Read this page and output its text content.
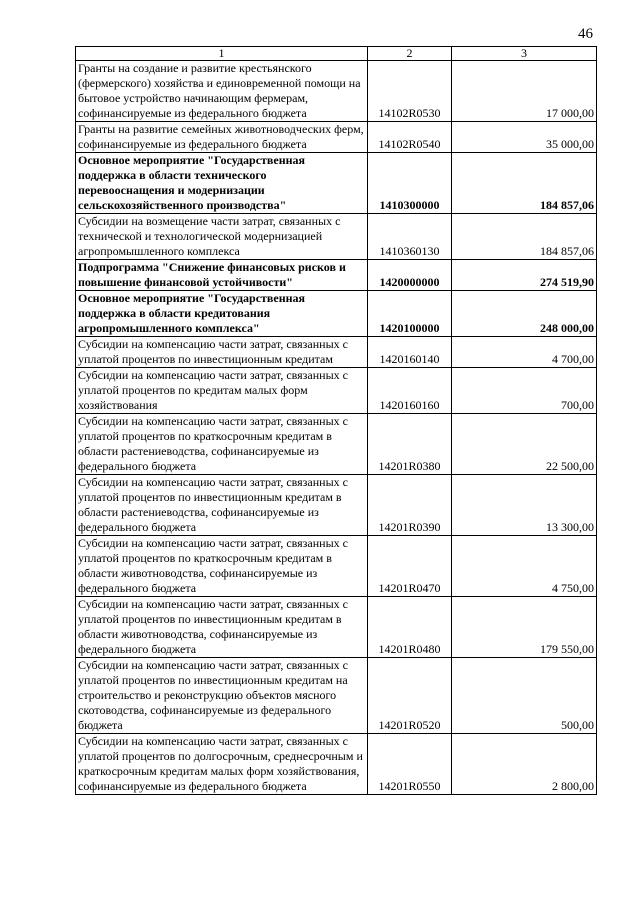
46
1	2	3
Гранты на создание и развитие крестьянского (фермерского) хозяйства и единовременной помощи на бытовое устройство начинающим фермерам, софинансируемые из федерального бюджета	14102R0530	17 000,00
Гранты на развитие семейных животноводческих ферм, софинансируемые из федерального бюджета	14102R0540	35 000,00
Основное мероприятие "Государственная поддержка в области технического перевооснащения и модернизации сельскохозяйственного производства"	1410300000	184 857,06
Субсидии на возмещение части затрат, связанных с технической и технологической модернизацией агропромышленного комплекса	1410360130	184 857,06
Подпрограмма "Снижение финансовых рисков и повышение финансовой устойчивости"	1420000000	274 519,90
Основное мероприятие "Государственная поддержка в области кредитования агропромышленного комплекса"	1420100000	248 000,00
Субсидии на компенсацию части затрат, связанных с уплатой процентов по инвестиционным кредитам	1420160140	4 700,00
Субсидии на компенсацию части затрат, связанных с уплатой процентов по кредитам малых форм хозяйствования	1420160160	700,00
Субсидии на компенсацию части затрат, связанных с уплатой процентов по краткосрочным кредитам в области растениеводства, софинансируемые из федерального бюджета	14201R0380	22 500,00
Субсидии на компенсацию части затрат, связанных с уплатой процентов по инвестиционным кредитам в области растениеводства, софинансируемые из федерального бюджета	14201R0390	13 300,00
Субсидии на компенсацию части затрат, связанных с уплатой процентов по краткосрочным кредитам в области животноводства, софинансируемые из федерального бюджета	14201R0470	4 750,00
Субсидии на компенсацию части затрат, связанных с уплатой процентов по инвестиционным кредитам в области животноводства, софинансируемые из федерального бюджета	14201R0480	179 550,00
Субсидии на компенсацию части затрат, связанных с уплатой процентов по инвестиционным кредитам на строительство и реконструкцию объектов мясного скотоводства, софинансируемые из федерального бюджета	14201R0520	500,00
Субсидии на компенсацию части затрат, связанных с уплатой процентов по долгосрочным, среднесрочным и краткосрочным кредитам малых форм хозяйствования, софинансируемые из федерального бюджета	14201R0550	2 800,00
